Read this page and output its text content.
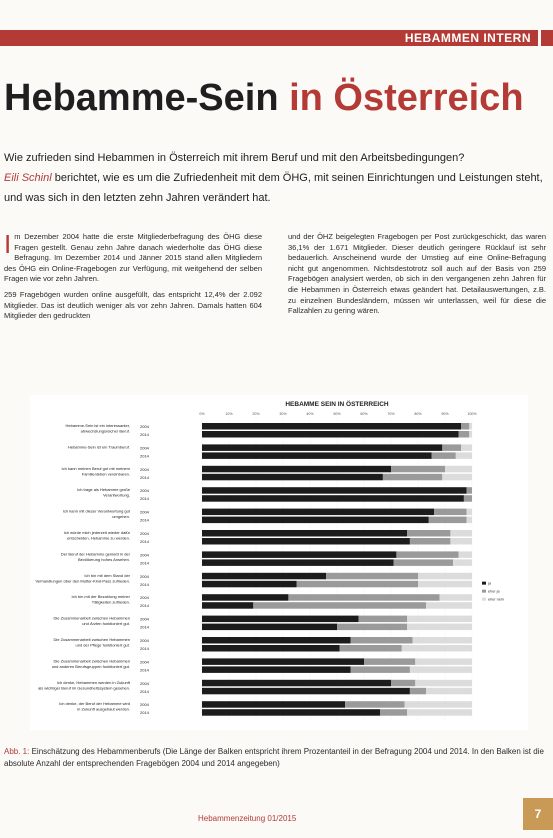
HEBAMMEN INTERN
Hebamme-Sein in Österreich
Wie zufrieden sind Hebammen in Österreich mit ihrem Beruf und mit den Arbeitsbedingungen?
Eili Schinl berichtet, wie es um die Zufriedenheit mit dem ÖHG, mit seinen Einrichtungen und Leistungen steht, und was sich in den letzten zehn Jahren verändert hat.

Im Dezember 2004 hatte die erste Mitgliederbefragung des ÖHG diese Fragen gestellt. Genau zehn Jahre danach wiederholte das ÖHG diese Befragung. Im Dezember 2014 und Jänner 2015 stand allen Mitgliedern des ÖHG ein Online-Fragebogen zur Verfügung, mit weitgehend der selben Fragen wie vor zehn Jahren.

259 Fragebögen wurden online ausgefüllt, das entspricht 12,4% der 2.092 Mitglieder. Das ist deutlich weniger als vor zehn Jahren. Damals hatten 604 Mitglieder den gedruckten

und der ÖHZ beigelegten Fragebogen per Post zurückgeschickt, das waren 36,1% der 1.671 Mitglieder. Dieser deutlich geringere Rücklauf ist sehr bedauerlich. Anscheinend wurde der Umstieg auf eine Online-Befragung nicht gut angenommen. Nichtsdestotrotz soll auch auf der Basis von 259 Fragebögen analysiert werden, ob sich in den vergangenen zehn Jahren für die Hebammen in Österreich etwas geändert hat. Detailauswertungen, z.B. zu einzelnen Bundesländern, müssen wir unterlassen, weil für diese die Fallzahlen zu gering wären.

HEBAMME SEIN IN ÖSTERREICH
0%	10%	20%	30%	40%	50%	60%	70%	80%	90%	100%
Hebamme-Sein ist ein interessanter,
abwechslungsreicher Beruf.
2004
2014
Hebamme-Sein ist ein Traumberuf.	2004
2014
Ich kann meinen Beruf gut mit meinem
Familienleben vereinbaren.
2004
2014
Ich trage als Hebamme große
Verantwortung.
2004
2014
Ich kann mit dieser Verantwortung gut
umgehen.
2004
2014
Ich würde mich jederzeit wieder dafür
entscheiden, Hebamme zu werden.
2004
2014
Der Beruf der Hebamme genießt in der
Bevölkerung hohes Ansehen.
2004
2014
Ich bin mit dem Stand der
Verhandlungen über den Mutter-Kind-Pass zufrieden.
2004
2014
Ich bin mit der Bezahlung meiner
Tätigkeiten zufrieden.
2004
2014
Die Zusammenarbeit zwischen Hebammen
und Ärzten funktioniert gut.
2004
2014
Die Zusammenarbeit zwischen Hebammen
und der Pflege funktioniert gut.
2004
2014
Die Zusammenarbeit zwischen Hebammen
und anderen Berufsgruppen funktioniert gut.
2004
2014
Ich denke, Hebammen werden in Zukunft
als wichtiger Beruf im Gesundheitssystem gesehen.
2004
2014
Ich denke, der Beruf der Hebamme wird
in Zukunft ausgebaut werden.
2004
2014
ja
eher ja
eher nein
Abb. 1: Einschätzung des Hebammenberufs (Die Länge der Balken entspricht ihrem Prozentanteil in der Befragung 2004 und 2014. In den Balken ist die absolute Anzahl der entsprechenden Fragebögen 2004 und 2014 angegeben)
Hebammenzeitung 01/2015	7
